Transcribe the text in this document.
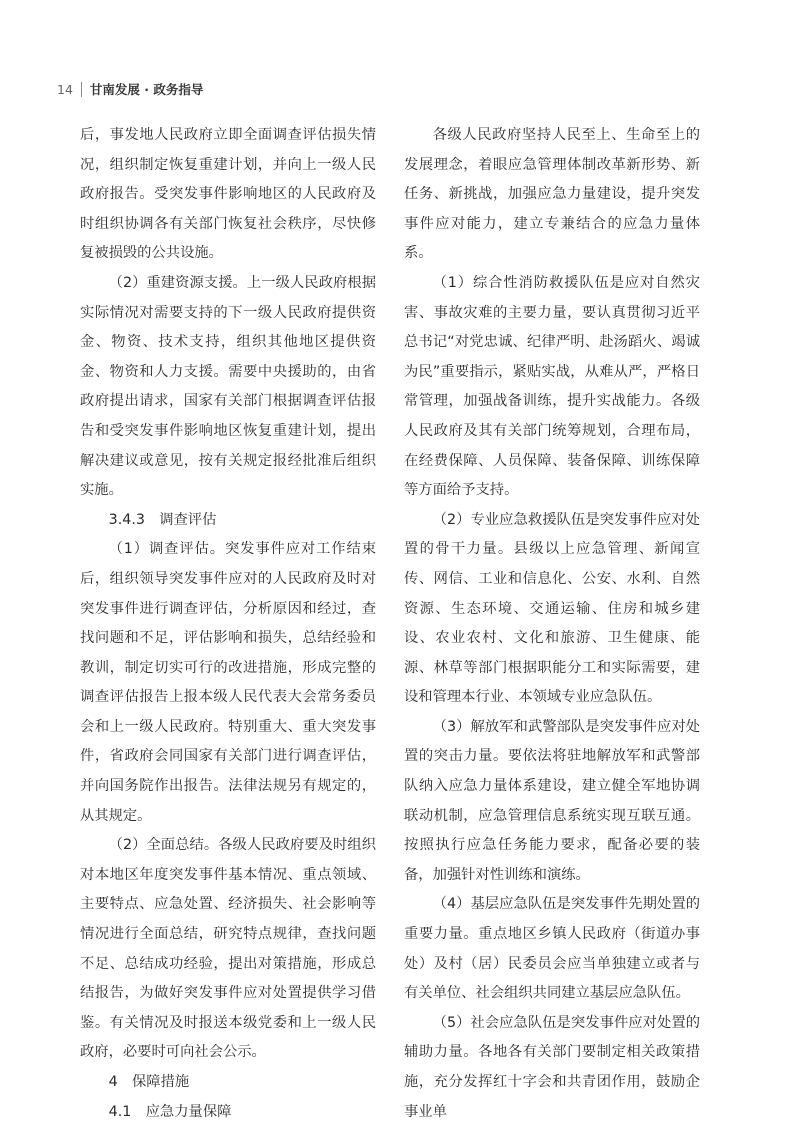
14 甘南发展 · 政务指导

后，事发地人民政府立即全面调查评估损失情况，组织制定恢复重建计划，并向上一级人民政府报告。受突发事件影响地区的人民政府及时组织协调各有关部门恢复社会秩序，尽快修复被损毁的公共设施。

（2）重建资源支援。上一级人民政府根据实际情况对需要支持的下一级人民政府提供资金、物资、技术支持，组织其他地区提供资金、物资和人力支援。需要中央援助的，由省政府提出请求，国家有关部门根据调查评估报告和受突发事件影响地区恢复重建计划，提出解决建议或意见，按有关规定报经批准后组织实施。

3.4.3　调查评估

（1）调查评估。突发事件应对工作结束后，组织领导突发事件应对的人民政府及时对突发事件进行调查评估，分析原因和经过，查找问题和不足，评估影响和损失，总结经验和教训，制定切实可行的改进措施，形成完整的调查评估报告上报本级人民代表大会常务委员会和上一级人民政府。特别重大、重大突发事件，省政府会同国家有关部门进行调查评估，并向国务院作出报告。法律法规另有规定的，从其规定。

（2）全面总结。各级人民政府要及时组织对本地区年度突发事件基本情况、重点领域、主要特点、应急处置、经济损失、社会影响等情况进行全面总结，研究特点规律，查找问题不足、总结成功经验，提出对策措施，形成总结报告，为做好突发事件应对处置提供学习借鉴。有关情况及时报送本级党委和上一级人民政府，必要时可向社会公示。

4　保障措施

4.1　应急力量保障

各级人民政府坚持人民至上、生命至上的发展理念，着眼应急管理体制改革新形势、新任务、新挑战，加强应急力量建设，提升突发事件应对能力，建立专兼结合的应急力量体系。

（1）综合性消防救援队伍是应对自然灾害、事故灾难的主要力量，要认真贯彻习近平总书记“对党忠诚、纪律严明、赴汤蹈火、竭诚为民”重要指示，紧贴实战，从难从严，严格日常管理，加强战备训练，提升实战能力。各级人民政府及其有关部门统筹规划，合理布局，在经费保障、人员保障、装备保障、训练保障等方面给予支持。

（2）专业应急救援队伍是突发事件应对处置的骨干力量。县级以上应急管理、新闻宣传、网信、工业和信息化、公安、水利、自然资源、生态环境、交通运输、住房和城乡建设、农业农村、文化和旅游、卫生健康、能源、林草等部门根据职能分工和实际需要，建设和管理本行业、本领域专业应急队伍。

（3）解放军和武警部队是突发事件应对处置的突击力量。要依法将驻地解放军和武警部队纳入应急力量体系建设，建立健全军地协调联动机制，应急管理信息系统实现互联互通。按照执行应急任务能力要求，配备必要的装备，加强针对性训练和演练。

（4）基层应急队伍是突发事件先期处置的重要力量。重点地区乡镇人民政府（街道办事处）及村（居）民委员会应当单独建立或者与有关单位、社会组织共同建立基层应急队伍。

（5）社会应急队伍是突发事件应对处置的辅助力量。各地各有关部门要制定相关政策措施，充分发挥红十字会和共青团作用，鼓励企事业单
